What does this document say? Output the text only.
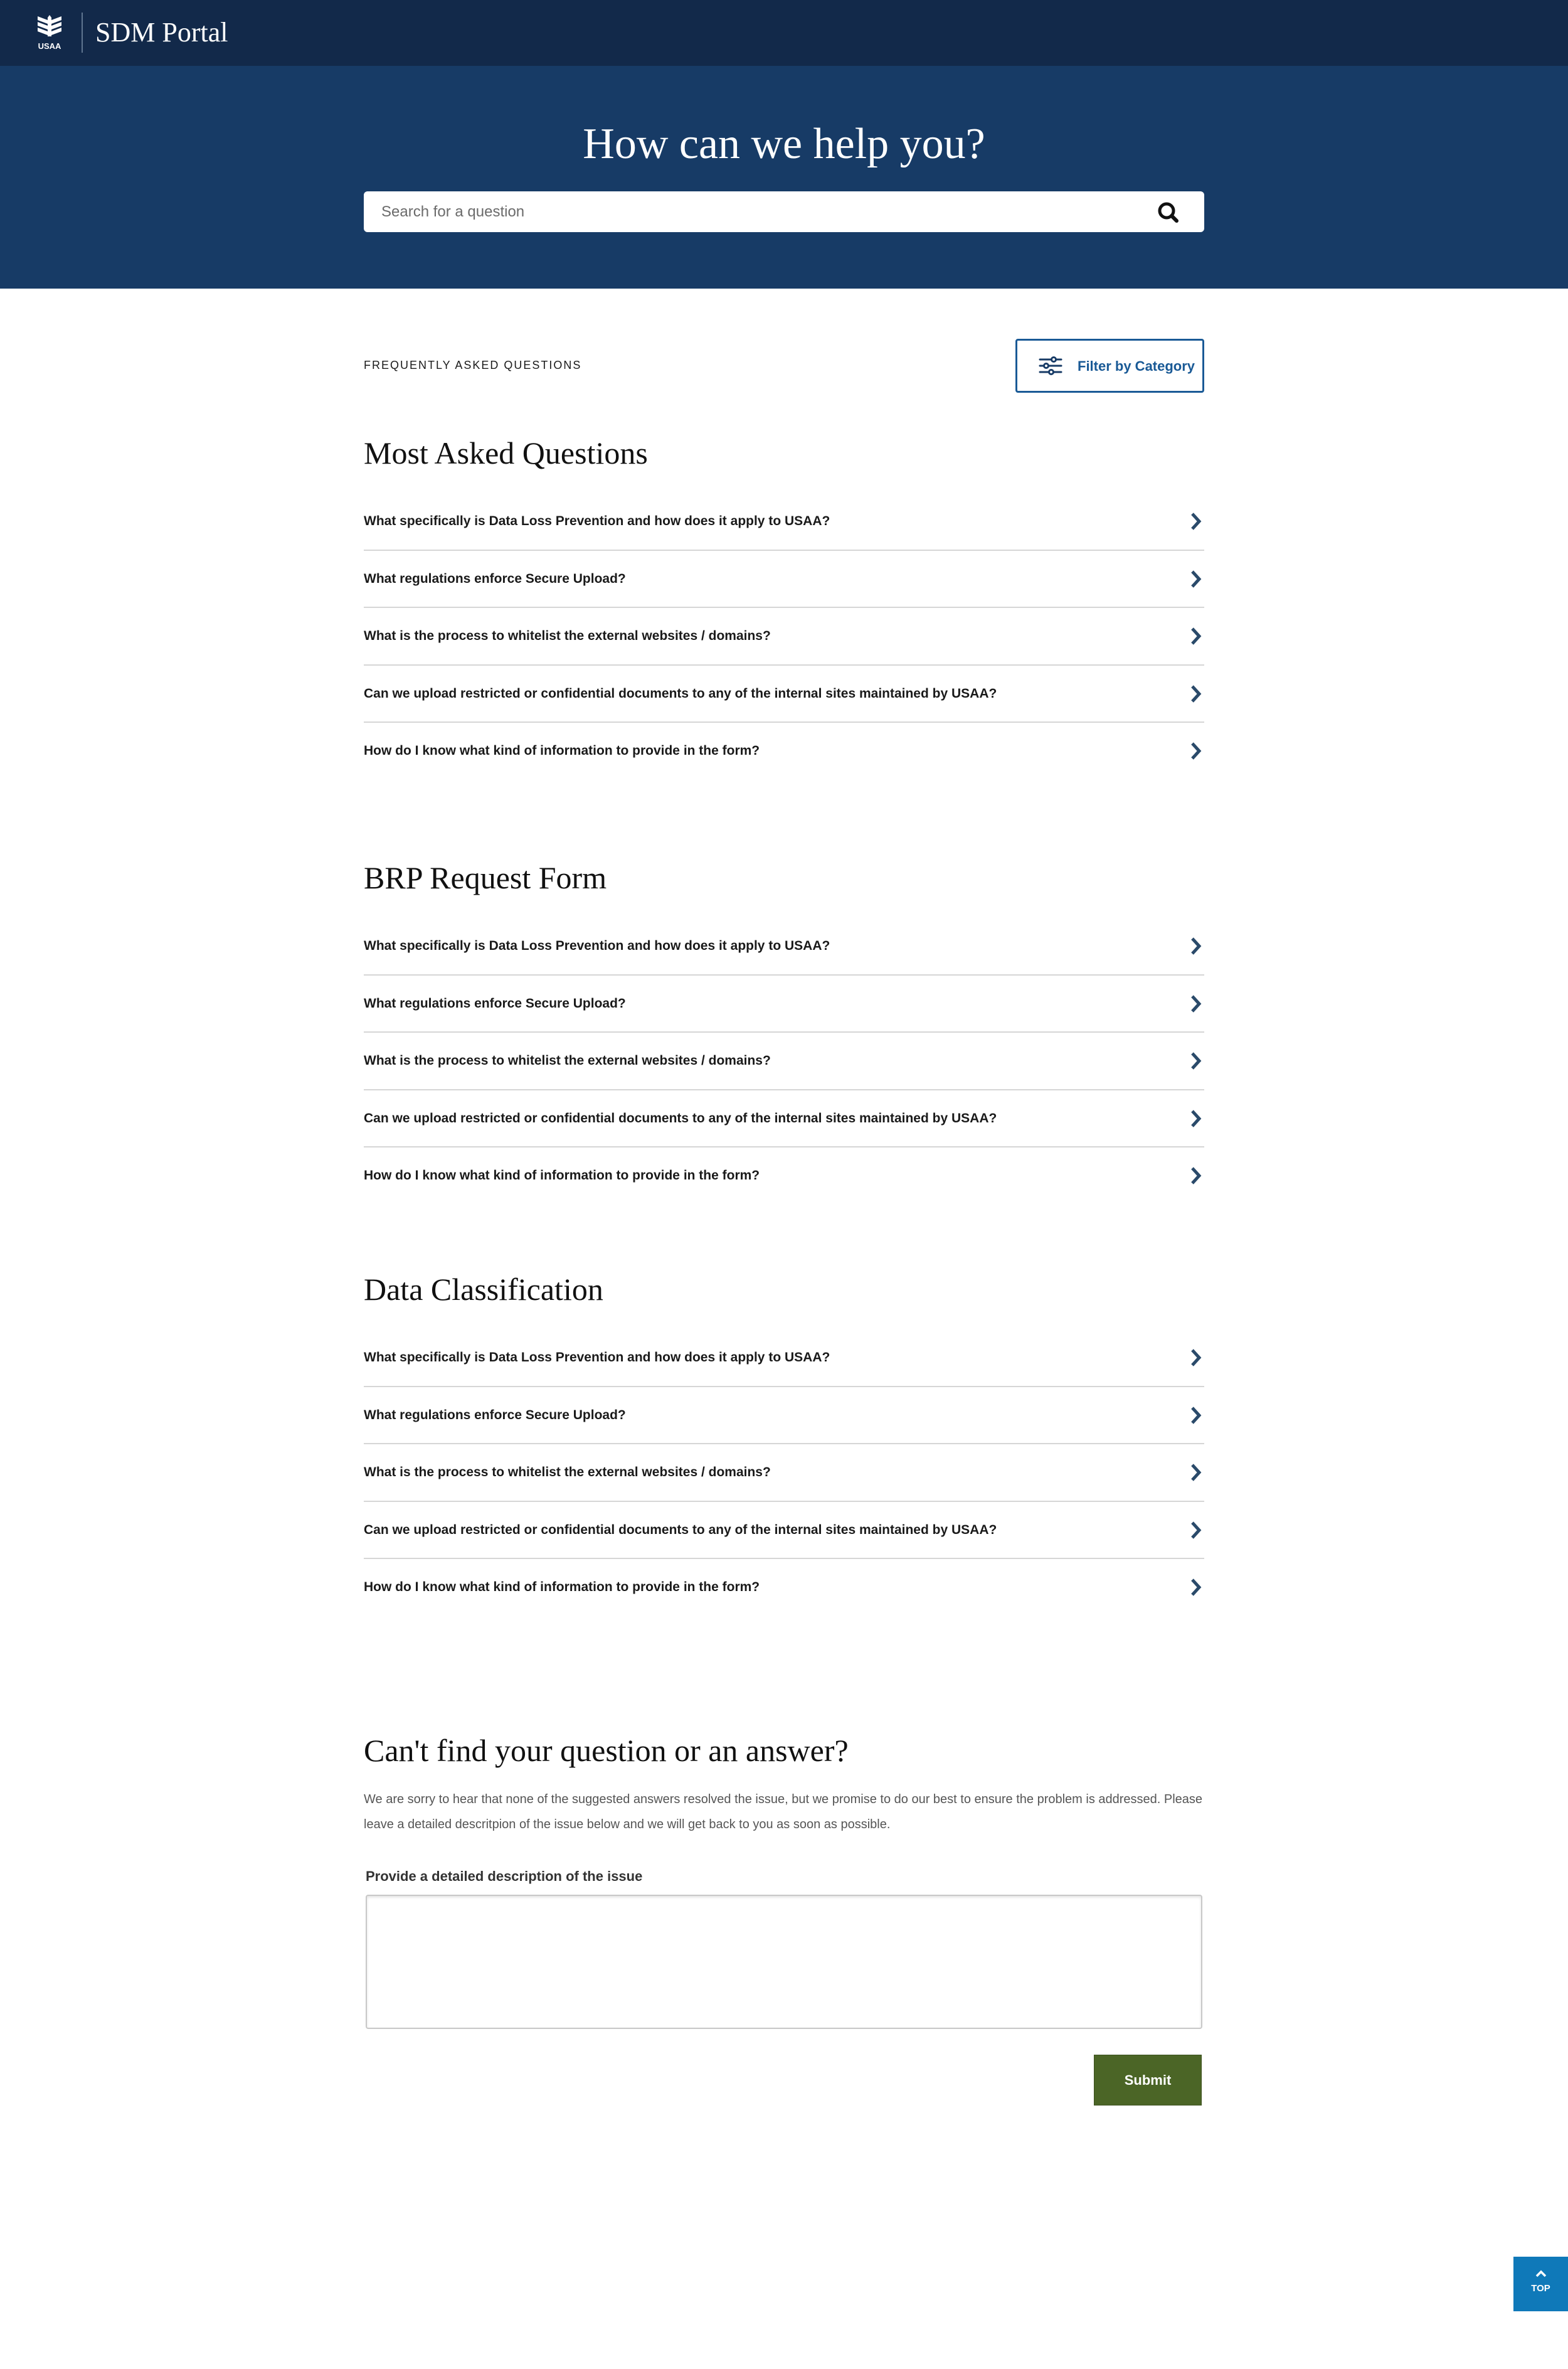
USAA SDM Portal
How can we help you?
Search for a question
FREQUENTLY ASKED QUESTIONS	Filter by Category
Most Asked Questions
What specifically is Data Loss Prevention and how does it apply to USAA?
What regulations enforce Secure Upload?
What is the process to whitelist the external websites / domains?
Can we upload restricted or confidential documents to any of the internal sites maintained by USAA?
How do I know what kind of information to provide in the form?
BRP Request Form
What specifically is Data Loss Prevention and how does it apply to USAA?
What regulations enforce Secure Upload?
What is the process to whitelist the external websites / domains?
Can we upload restricted or confidential documents to any of the internal sites maintained by USAA?
How do I know what kind of information to provide in the form?
Data Classification
What specifically is Data Loss Prevention and how does it apply to USAA?
What regulations enforce Secure Upload?
What is the process to whitelist the external websites / domains?
Can we upload restricted or confidential documents to any of the internal sites maintained by USAA?
How do I know what kind of information to provide in the form?
Can't find your question or an answer?

We are sorry to hear that none of the suggested answers resolved the issue, but we promise to do our best to ensure the problem is addressed. Please leave a detailed descritpion of the issue below and we will get back to you as soon as possible.

Provide a detailed description of the issue
Submit
TOP
